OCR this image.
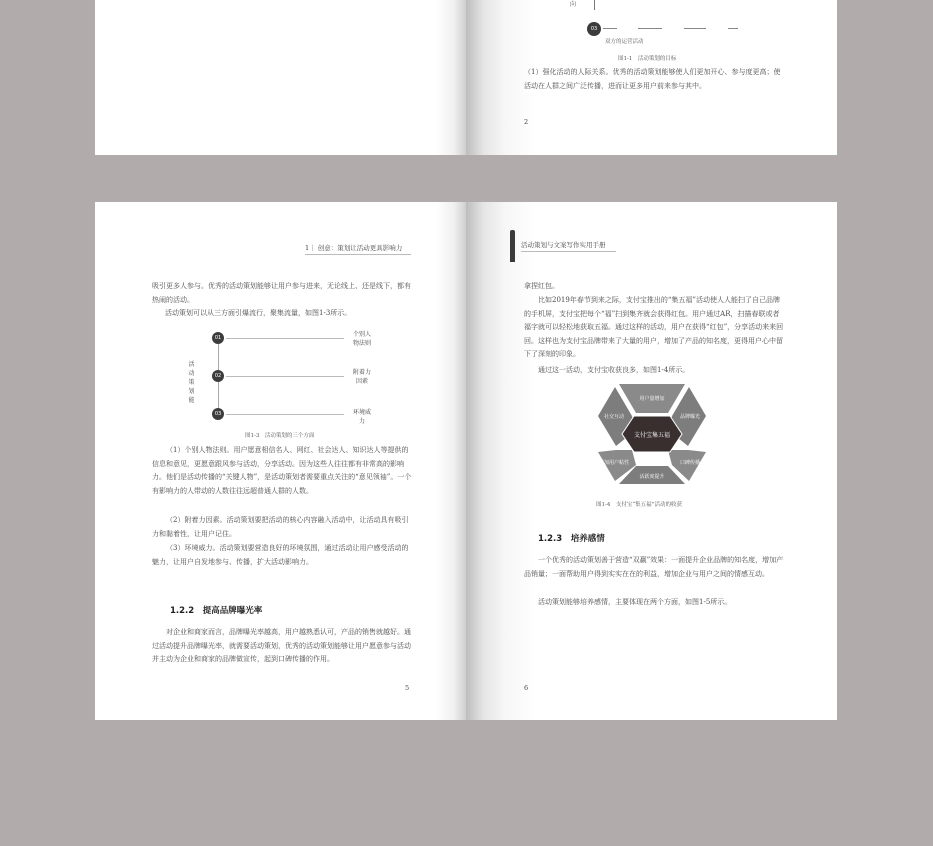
向
03
双方的运营活动
图1-1　活动策划的目标
（1）强化活动的人际关系。优秀的活动策划能够使人们更加开心、参与度更高；使活动在人群之间广泛传播，进而让更多用户前来参与其中。
2
1｜ 创意：策划让活动更具影响力
吸引更多人参与。优秀的活动策划能够让用户参与进来，无论线上、还是线下，都有热闹的活动。
活动策划可以从三方面引爆流行，聚集流量，如图1-3所示。
活动策划能
01	个别人物法则
02	附着力因素
03	环境威力
图1-3　活动策划的三个方面
（1）个别人物法则。用户愿意相信名人、网红、社会达人、知识达人等提供的信息和意见，更愿意跟风参与活动，分享活动。因为这些人往往都有非常高的影响力。他们是活动传播的“关键人物”，是活动策划者需要重点关注的“意见领袖”。一个有影响力的人带动的人数往往远超普通人群的人数。
（2）附着力因素。活动策划要把活动的核心内容融入活动中，让活动具有吸引力和黏着性，让用户记住。
（3）环境威力。活动策划要营造良好的环境氛围，通过活动让用户感受活动的魅力，让用户自发地参与、传播，扩大活动影响力。
1.2.2　提高品牌曝光率
对企业和商家而言，品牌曝光率越高，用户越熟悉认可，产品的销售就越好。通过活动提升品牌曝光率，就需要活动策划，优秀的活动策划能够让用户愿意参与活动并主动为企业和商家的品牌做宣传，起到口碑传播的作用。
5
活动策划与文案写作实用手册
拿捏红包。
比如2019年春节到来之际，支付宝推出的“集五福”活动使人人能扫了自己品牌的手机屏，支付宝把每个“福”扫到集齐就会获得红包。用户通过AR，扫描春联或者福字就可以轻松地获取五福。通过这样的活动，用户在获得“红包”，分享活动来来回回。这样也为支付宝品牌带来了大量的用户，增加了产品的知名度，更得用户心中留下了深刻的印象。
通过这一活动，支付宝收获良多，如图1-4所示。
支付宝集五福
用户量增加
品牌曝光
口碑传播
活跃度提升
增加用户粘性
社交互动
图1-4　支付宝“集五福”活动的收获
1.2.3　培养感情
一个优秀的活动策划善于营造“双赢”效果：一面提升企业品牌的知名度，增加产品销量；一面帮助用户得到实实在在的利益，增加企业与用户之间的情感互动。
活动策划能够培养感情，主要体现在两个方面，如图1-5所示。
6
